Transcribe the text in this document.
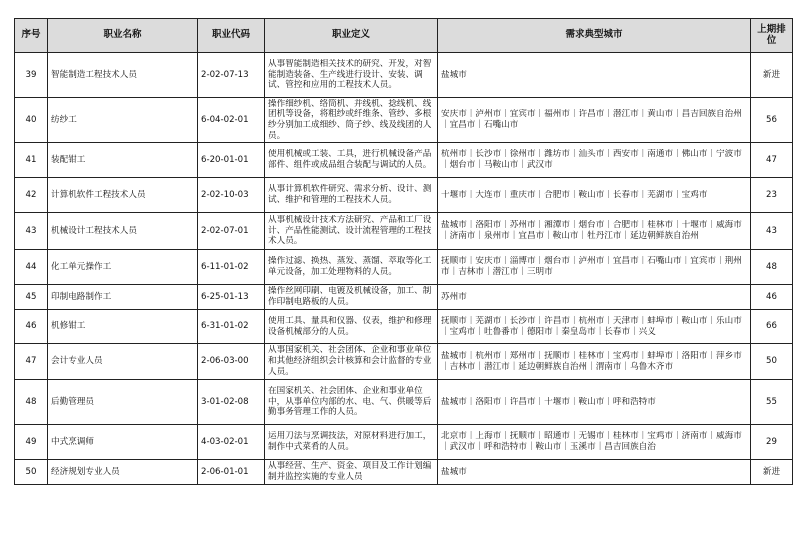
序号	职业名称	职业代码	职业定义	需求典型城市	上期排位
39	智能制造工程技术人员	2-02-07-13	从事智能制造相关技术的研究、开发，对智能制造装备、生产线进行设计、安装、调试、管控和应用的工程技术人员。	盐城市	新进
40	纺纱工	6-04-02-01	操作细纱机、络筒机、并线机、捻线机、线团机等设备，将粗纱或纤维条、管纱、多根纱分别加工成细纱、筒子纱、线及线团的人员。	安庆市｜泸州市｜宜宾市｜福州市｜许昌市｜潜江市｜黄山市｜昌吉回族自治州｜宜昌市｜石嘴山市	56
41	装配钳工	6-20-01-01	使用机械或工装、工具，进行机械设备产品部件、组件或成品组合装配与调试的人员。	杭州市｜长沙市｜徐州市｜潍坊市｜汕头市｜西安市｜南通市｜佛山市｜宁波市｜烟台市｜马鞍山市｜武汉市	47
42	计算机软件工程技术人员	2-02-10-03	从事计算机软件研究、需求分析、设计、测试、维护和管理的工程技术人员。	十堰市｜大连市｜重庆市｜合肥市｜鞍山市｜长春市｜芜湖市｜宝鸡市	23
43	机械设计工程技术人员	2-02-07-01	从事机械设计技术方法研究、产品和工厂设计、产品性能测试、设计流程管理的工程技术人员。	盐城市｜洛阳市｜苏州市｜湘潭市｜烟台市｜合肥市｜桂林市｜十堰市｜威海市｜济南市｜泉州市｜宜昌市｜鞍山市｜牡丹江市｜延边朝鲜族自治州	43
44	化工单元操作工	6-11-01-02	操作过滤、换热、蒸发、蒸馏、萃取等化工单元设备，加工处理物料的人员。	抚顺市｜安庆市｜淄博市｜烟台市｜泸州市｜宜昌市｜石嘴山市｜宜宾市｜荆州市｜吉林市｜潜江市｜三明市	48
45	印制电路制作工	6-25-01-13	操作丝网印刷、电镀及机械设备，加工、制作印制电路板的人员。	苏州市	46
46	机修钳工	6-31-01-02	使用工具、量具和仪器、仪表，维护和修理设备机械部分的人员。	抚顺市｜芜湖市｜长沙市｜许昌市｜杭州市｜天津市｜蚌埠市｜鞍山市｜乐山市｜宝鸡市｜吐鲁番市｜德阳市｜秦皇岛市｜长春市｜兴义	66
47	会计专业人员	2-06-03-00	从事国家机关、社会团体、企业和事业单位和其他经济组织会计核算和会计监督的专业人员。	盐城市｜杭州市｜郑州市｜抚顺市｜桂林市｜宝鸡市｜蚌埠市｜洛阳市｜萍乡市｜吉林市｜潜江市｜延边朝鲜族自治州｜渭南市｜乌鲁木齐市	50
48	后勤管理员	3-01-02-08	在国家机关、社会团体、企业和事业单位中，从事单位内部的水、电、气、供暖等后勤事务管理工作的人员。	盐城市｜洛阳市｜许昌市｜十堰市｜鞍山市｜呼和浩特市	55
49	中式烹调师	4-03-02-01	运用刀法与烹调技法，对原材料进行加工，制作中式菜肴的人员。	北京市｜上海市｜抚顺市｜昭通市｜无锡市｜桂林市｜宝鸡市｜济南市｜威海市｜武汉市｜呼和浩特市｜鞍山市｜玉溪市｜昌吉回族自治	29
50	经济规划专业人员	2-06-01-01	从事经营、生产、资金、项目及工作计划编制并监控实施的专业人员	盐城市	新进
